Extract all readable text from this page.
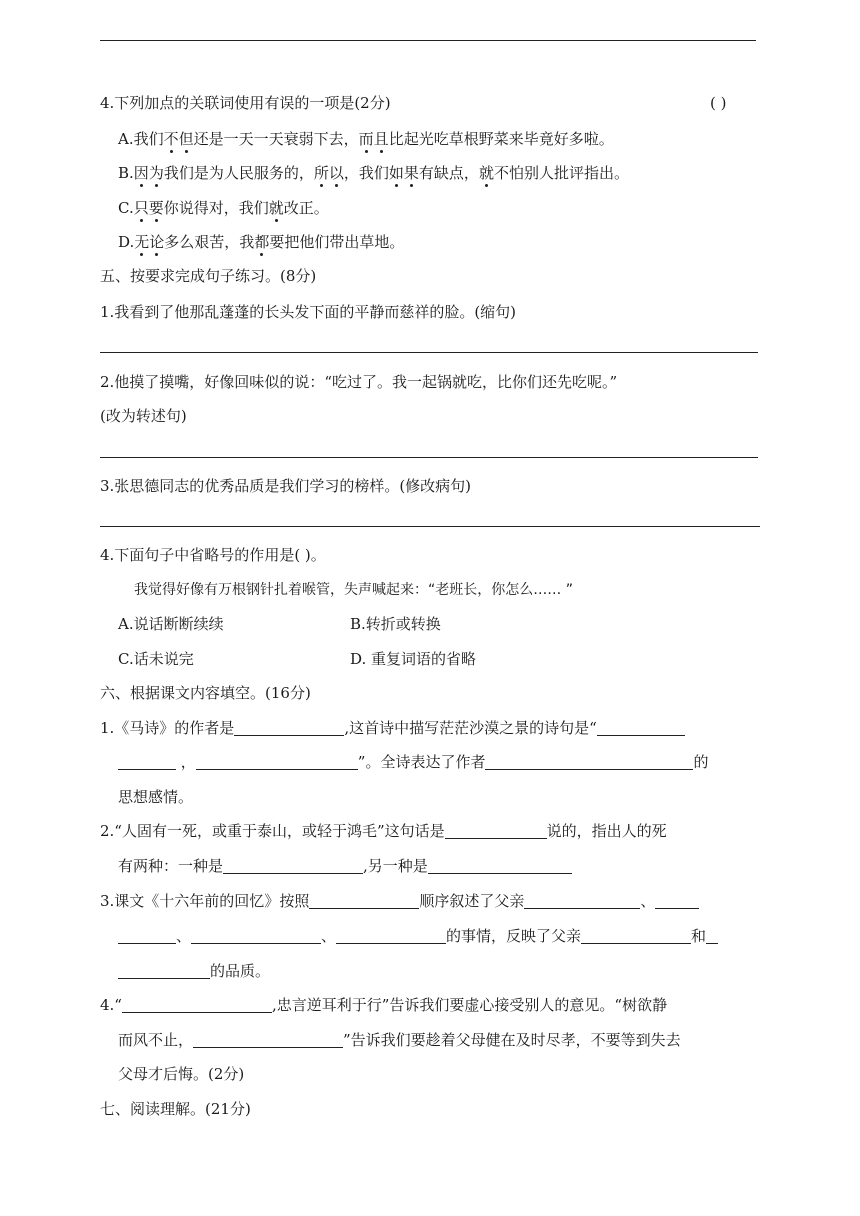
4.下列加点的关联词使用有误的一项是(2分)	( )
A.我们不但还是一天一天衰弱下去，而且比起光吃草根野菜来毕竟好多啦。
B.因为我们是为人民服务的，所以，我们如果有缺点，就不怕别人批评指出。
C.只要你说得对，我们就改正。
D.无论多么艰苦，我都要把他们带出草地。
五、按要求完成句子练习。(8分)
1.我看到了他那乱蓬蓬的长头发下面的平静而慈祥的脸。(缩句)
2.他摸了摸嘴，好像回味似的说：“吃过了。我一起锅就吃，比你们还先吃呢。”
(改为转述句)
3.张思德同志的优秀品质是我们学习的榜样。(修改病句)
4.下面句子中省略号的作用是( )。
我觉得好像有万根钢针扎着喉管，失声喊起来：“老班长，你怎么…… ”
A.说话断断续续	B.转折或转换
C.话未说完	D. 重复词语的省略
六、根据课文内容填空。(16分)
1.《马诗》的作者是	,这首诗中描写茫茫沙漠之景的诗句是“
，	”。全诗表达了作者	的
思想感情。
2.“人固有一死，或重于泰山，或轻于鸿毛”这句话是	说的，指出人的死
有两种：一种是	,另一种是
3.课文《十六年前的回忆》按照	顺序叙述了父亲	、
、	、	的事情，反映了父亲	和
的品质。
4.“	,忠言逆耳利于行”告诉我们要虚心接受别人的意见。“树欲静
而风不止，	”告诉我们要趁着父母健在及时尽孝，不要等到失去
父母才后悔。(2分)
七、阅读理解。(21分)
